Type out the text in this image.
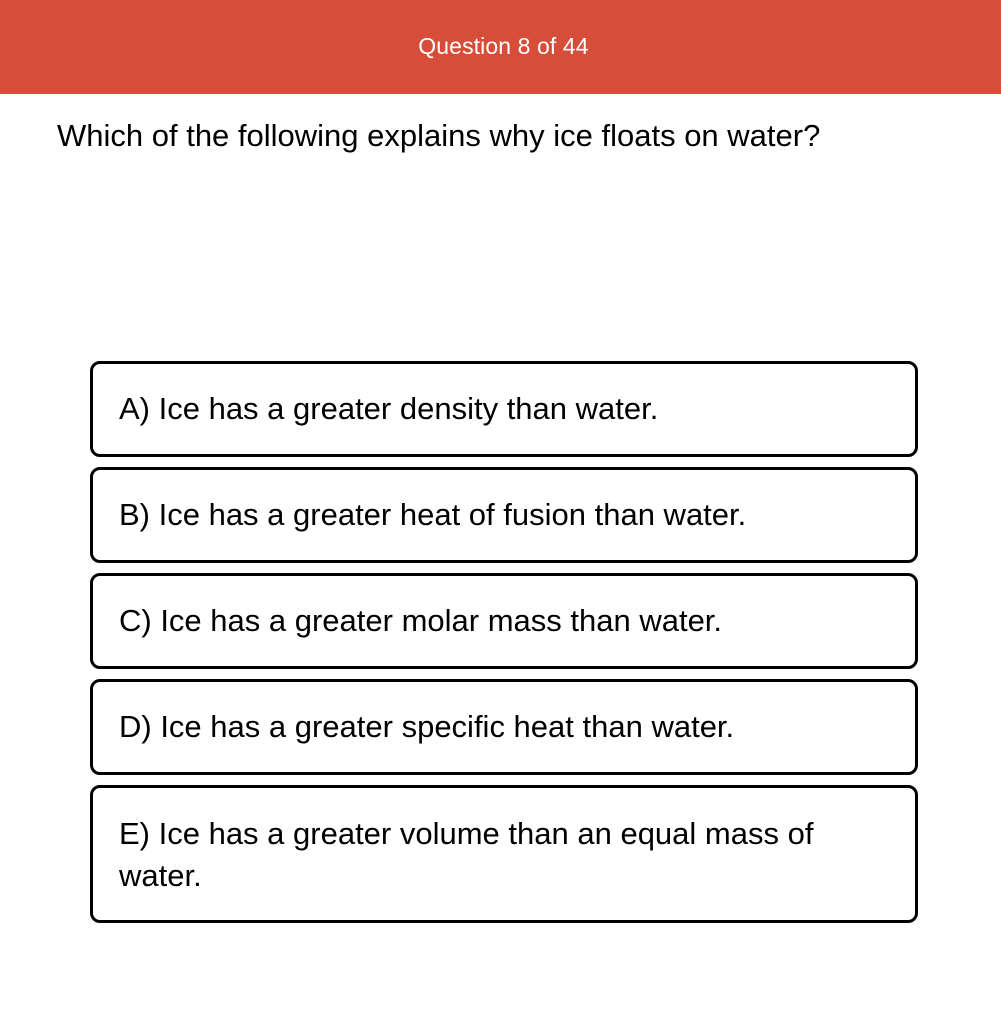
Question 8 of 44
Which of the following explains why ice floats on water?
A) Ice has a greater density than water.
B) Ice has a greater heat of fusion than water.
C) Ice has a greater molar mass than water.
D) Ice has a greater specific heat than water.
E) Ice has a greater volume than an equal mass of water.
